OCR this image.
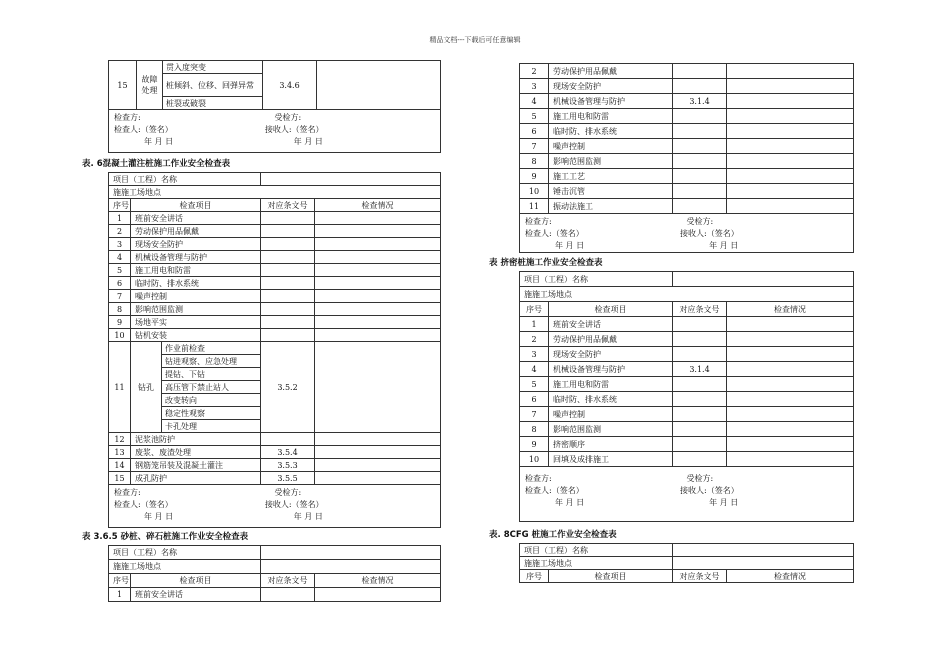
精品文档---下载后可任意编辑
15	故障处理	贯入度突变	3.4.6	
桩倾斜、位移、回弹异常
桩裂或破裂
检查方:	受检方:
检查人:（签名）	接收人:（签名）
年 月 日	年 月 日
表. 6混凝土灌注桩施工作业安全检查表
项目（工程）名称				
施施工场地点				
序号	检查项目		对应条文号	检查情况
1	班前安全讲话			
2	劳动保护用品佩戴			
3	现场安全防护			
4	机械设备管理与防护			
5	施工用电和防雷			
6	临时防、排水系统			
7	噪声控制			
8	影响范围监测			
9	场地平实			
10	钻机安装			
11	钻孔	作业前检查	3.5.2	
		钻进观察、应急处理		
		提钻、下钻		
		高压管下禁止站人		
		改变转向		
		稳定性观察		
		卡孔处理		
12	泥浆池防护			
13	废浆、废渣处理		3.5.4	
14	钢筋笼吊装及混凝土灌注		3.5.3	
15	成孔防护		3.5.5	
检查方:	受检方:
检查人:（签名）	接收人:（签名）
年 月 日	年 月 日
表 3.6.5 砂桩、碎石桩施工作业安全检查表
项目（工程）名称			
施施工场地点			
序号	检查项目	对应条文号	检查情况
1	班前安全讲话		
2	劳动保护用品佩戴		
3	现场安全防护		
4	机械设备管理与防护	3.1.4	
5	施工用电和防雷		
6	临时防、排水系统		
7	噪声控制		
8	影响范围监测		
9	施工工艺		
10	锤击沉管		
11	振动法施工		
检查方:	受检方:
检查人:（签名）	接收人:（签名）
年 月 日	年 月 日
表 挤密桩施工作业安全检查表
项目（工程）名称			
施施工场地点			
序号	检查项目	对应条文号	检查情况
1	班前安全讲话		
2	劳动保护用品佩戴		
3	现场安全防护		
4	机械设备管理与防护	3.1.4	
5	施工用电和防雷		
6	临时防、排水系统		
7	噪声控制		
8	影响范围监测		
9	挤密顺序		
10	回填及成排施工		
检查方:	受检方:
检查人:（签名）	接收人:（签名）
年 月 日	年 月 日
表. 8CFG 桩施工作业安全检查表
项目（工程）名称			
施施工场地点			
序号	检查项目	对应条文号	检查情况
